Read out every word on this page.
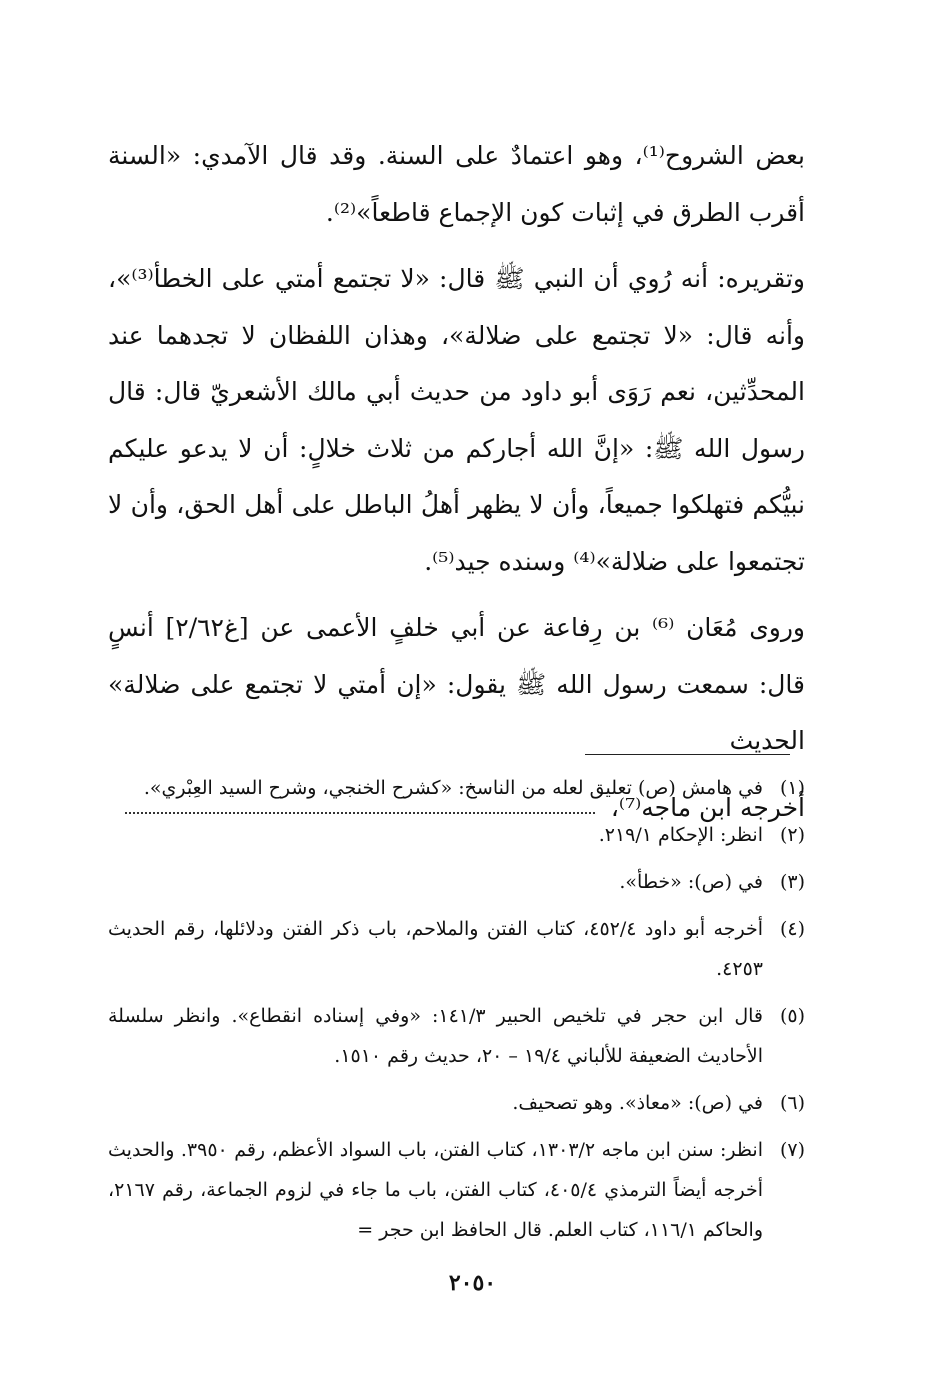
بعض الشروح⁽¹⁾، وهو اعتمادٌ على السنة. وقد قال الآمدي: «السنة أقرب الطرق في إثبات كون الإجماع قاطعاً»⁽²⁾.

وتقريره: أنه رُوي أن النبي ﷺ قال: «لا تجتمع أمتي على الخطأ⁽³⁾»، وأنه قال: «لا تجتمع على ضلالة»، وهذان اللفظان لا تجدهما عند المحدِّثين، نعم رَوَى أبو داود من حديث أبي مالك الأشعريّ قال: قال رسول الله ﷺ: «إنَّ الله أجاركم من ثلاث خلالٍ: أن لا يدعو عليكم نبيُّكم فتهلكوا جميعاً، وأن لا يظهر أهلُ الباطل على أهل الحق، وأن لا تجتمعوا على ضلالة»⁽⁴⁾ وسنده جيد⁽⁵⁾.

وروى مُعَان ⁽⁶⁾ بن رِفاعة عن أبي خلفٍ الأعمى عن [غ٢/٦٢] أنسٍ قال: سمعت رسول الله ﷺ يقول: «إن أمتي لا تجتمع على ضلالة» الحديث

أخرجه ابن ماجه⁽⁷⁾،
(١)
في هامش (ص) تعليق لعله من الناسخ: «كشرح الخنجي، وشرح السيد العِبْري».
(٢)
انظر: الإحكام ٢١٩/١.
(٣)
في (ص): «خطأ».
(٤)
أخرجه أبو داود ٤٥٢/٤، كتاب الفتن والملاحم، باب ذكر الفتن ودلائلها، رقم الحديث ٤٢٥٣.
(٥)
قال ابن حجر في تلخيص الحبير ١٤١/٣: «وفي إسناده انقطاع». وانظر سلسلة الأحاديث الضعيفة للألباني ١٩/٤ – ٢٠، حديث رقم ١٥١٠.
(٦)
في (ص): «معاذ». وهو تصحيف.
(٧)
انظر: سنن ابن ماجه ١٣٠٣/٢، كتاب الفتن، باب السواد الأعظم، رقم ٣٩٥٠. والحديث أخرجه أيضاً الترمذي ٤٠٥/٤، كتاب الفتن، باب ما جاء في لزوم الجماعة، رقم ٢١٦٧، والحاكم ١١٦/١، كتاب العلم. قال الحافظ ابن حجر =
٢٠٥٠
